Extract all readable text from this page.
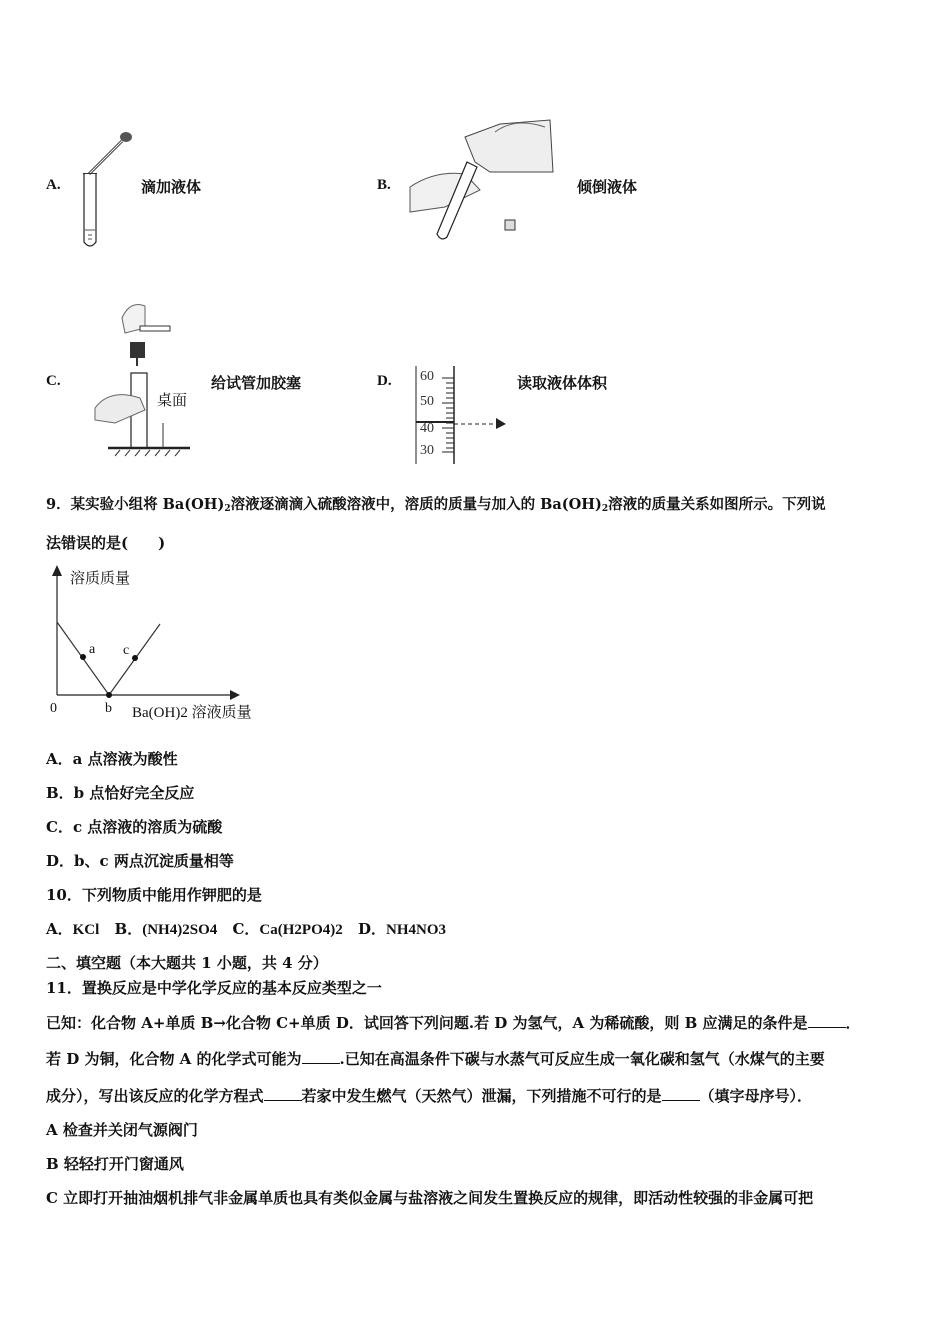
A.	滴加液体	B.	倾倒液体
C.
桌面
给试管加胶塞	D. 60
50
40
30
读取液体体积
9．某实验小组将 $Ba(OH)_2$溶液逐滴滴入硫酸溶液中，溶质的质量与加入的 $Ba(OH)_2$溶液的质量关系如图所示。下列说
法错误的是(　　)
溶质质量
a c
0	b Ba(OH)2 溶液质量
A．a 点溶液为酸性
B．b 点恰好完全反应
C．c 点溶液的溶质为硫酸
D．b、c 两点沉淀质量相等
10．下列物质中能用作钾肥的是
A．KCl B．(NH4)2SO4 C．Ca(H2PO4)2 D．NH4NO3
二、填空题（本大题共 1 小题，共 4 分）
11．置换反应是中学化学反应的基本反应类型之一
已知：化合物 A+单质 B→化合物 C+单质 D．试回答下列问题.若 D 为氢气，A 为稀硫酸，则 B 应满足的条件是	．
若 D 为铜，化合物 A 的化学式可能为	.已知在高温条件下碳与水蒸气可反应生成一氧化碳和氢气（水煤气的主要
成分），写出该反应的化学方程式	若家中发生燃气（天然气）泄漏，下列措施不可行的是	（填字母序号）．
A 检查并关闭气源阀门
B 轻轻打开门窗通风
C 立即打开抽油烟机排气非金属单质也具有类似金属与盐溶液之间发生置换反应的规律，即活动性较强的非金属可把
